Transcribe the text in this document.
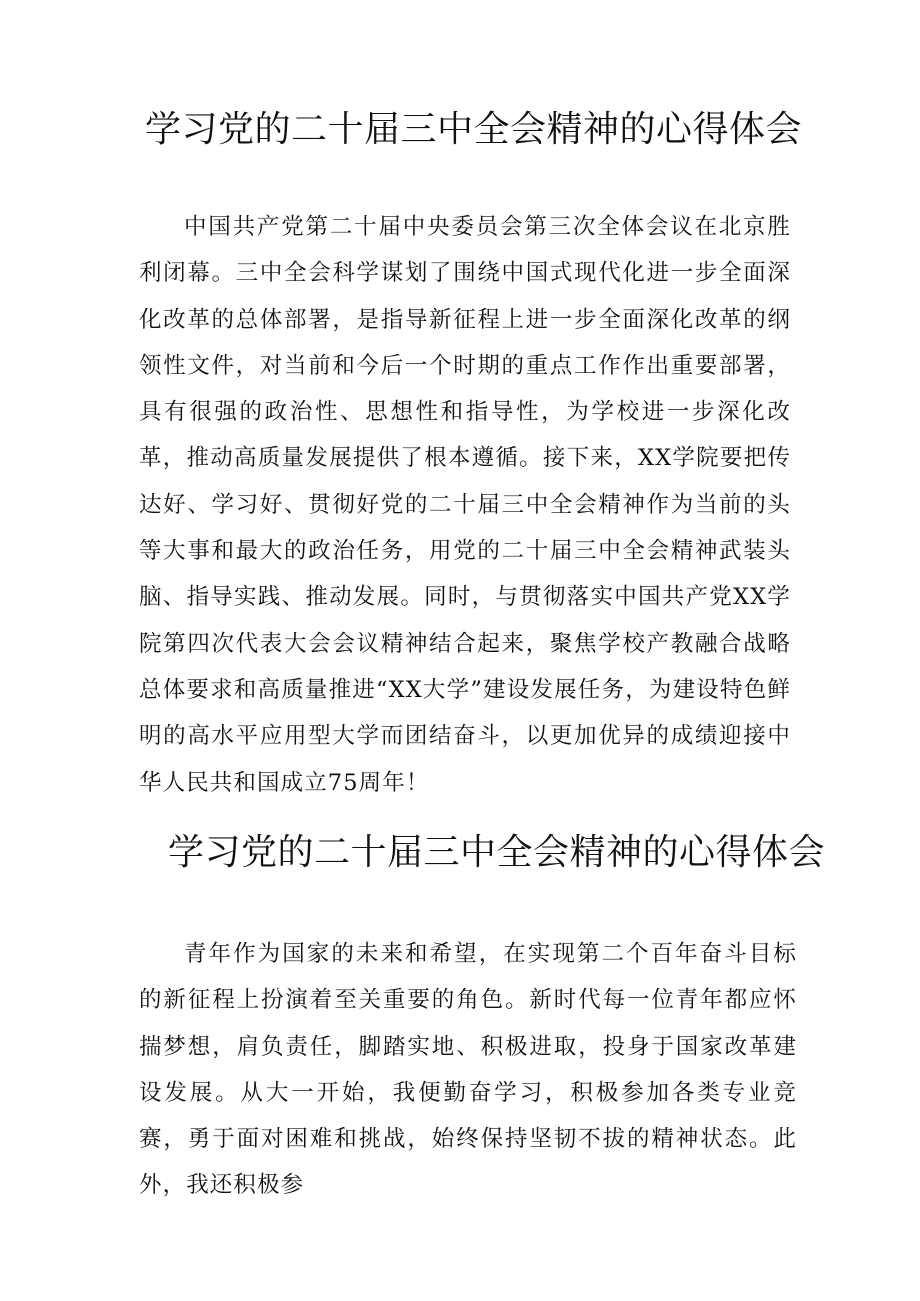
学习党的二十届三中全会精神的心得体会

中国共产党第二十届中央委员会第三次全体会议在北京胜利闭幕。三中全会科学谋划了围绕中国式现代化进一步全面深化改革的总体部署，是指导新征程上进一步全面深化改革的纲领性文件，对当前和今后一个时期的重点工作作出重要部署，具有很强的政治性、思想性和指导性，为学校进一步深化改革，推动高质量发展提供了根本遵循。接下来，XX学院要把传达好、学习好、贯彻好党的二十届三中全会精神作为当前的头等大事和最大的政治任务，用党的二十届三中全会精神武装头脑、指导实践、推动发展。同时，与贯彻落实中国共产党XX学院第四次代表大会会议精神结合起来，聚焦学校产教融合战略总体要求和高质量推进“XX大学”建设发展任务，为建设特色鲜明的高水平应用型大学而团结奋斗，以更加优异的成绩迎接中华人民共和国成立75周年！

学习党的二十届三中全会精神的心得体会

青年作为国家的未来和希望，在实现第二个百年奋斗目标的新征程上扮演着至关重要的角色。新时代每一位青年都应怀揣梦想，肩负责任，脚踏实地、积极进取，投身于国家改革建设发展。从大一开始，我便勤奋学习，积极参加各类专业竞赛，勇于面对困难和挑战，始终保持坚韧不拔的精神状态。此外，我还积极参
